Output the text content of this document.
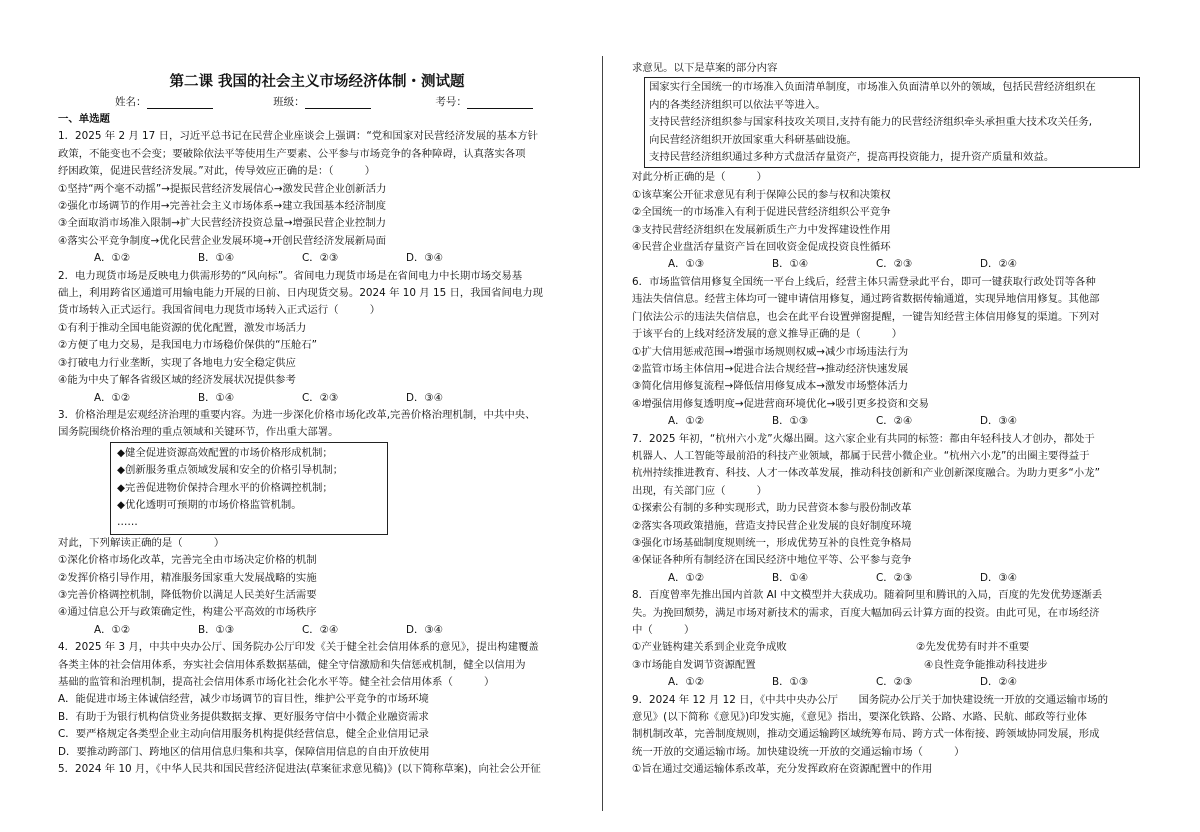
第二课 我国的社会主义市场经济体制・测试题
姓名：	班级：	考号：
一、单选题
1．2025 年 2 月 17 日，习近平总书记在民营企业座谈会上强调：“党和国家对民营经济发展的基本方针
政策，不能变也不会变；要破除依法平等使用生产要素、公平参与市场竞争的各种障碍，认真落实各项
纾困政策，促进民营经济发展。”对此，传导效应正确的是：（　　　）
①坚持“两个毫不动摇”→提振民营经济发展信心→激发民营企业创新活力
②强化市场调节的作用→完善社会主义市场体系→建立我国基本经济制度
③全面取消市场准入限制→扩大民营经济投资总量→增强民营企业控制力
④落实公平竞争制度→优化民营企业发展环境→开创民营经济发展新局面
A．①②	B．①④	C．②③	D．③④
2．电力现货市场是反映电力供需形势的“风向标”。省间电力现货市场是在省间电力中长期市场交易基
础上，利用跨省区通道可用输电能力开展的日前、日内现货交易。2024 年 10 月 15 日，我国省间电力现
货市场转入正式运行。我国省间电力现货市场转入正式运行（　　　）
①有利于推动全国电能资源的优化配置，激发市场活力
②方便了电力交易，是我国电力市场稳价保供的“压舱石”
③打破电力行业垄断，实现了各地电力安全稳定供应
④能为中央了解各省级区域的经济发展状况提供参考
A．①②	B．①④	C．②③	D．③④
3．价格治理是宏观经济治理的重要内容。为进一步深化价格市场化改革,完善价格治理机制，中共中央、
国务院围绕价格治理的重点领域和关键环节，作出重大部署。
◆健全促进资源高效配置的市场价格形成机制；
◆创新服务重点领域发展和安全的价格引导机制；
◆完善促进物价保持合理水平的价格调控机制；
◆优化透明可预期的市场价格监管机制。
……
对此，下列解读正确的是（　　　）
①深化价格市场化改革，完善完全由市场决定价格的机制
②发挥价格引导作用，精准服务国家重大发展战略的实施
③完善价格调控机制，降低物价以满足人民美好生活需要
④通过信息公开与政策确定性，构建公平高效的市场秩序
A．①②	B．①③	C．②④	D．③④
4．2025 年 3 月，中共中央办公厅、国务院办公厅印发《关于健全社会信用体系的意见》，提出构建覆盖
各类主体的社会信用体系，夯实社会信用体系数据基础，健全守信激励和失信惩戒机制，健全以信用为
基础的监管和治理机制，提高社会信用体系市场化社会化水平等。健全社会信用体系（　　　）
A．能促进市场主体诚信经营，减少市场调节的盲目性，维护公平竞争的市场环境
B．有助于为银行机构信贷业务提供数据支撑、更好服务守信中小微企业融资需求
C．要严格规定各类型企业主动向信用服务机构提供经营信息，健全企业信用记录
D．要推动跨部门、跨地区的信用信息归集和共享，保障信用信息的自由开放使用
5．2024 年 10 月，《中华人民共和国民营经济促进法(草案征求意见稿)》(以下简称草案)，向社会公开征
求意见。以下是草案的部分内容
国家实行全国统一的市场准入负面清单制度，市场准入负面清单以外的领域，包括民营经济组织在
内的各类经济组织可以依法平等进入。
支持民营经济组织参与国家科技攻关项目,支持有能力的民营经济组织牵头承担重大技术攻关任务,
向民营经济组织开放国家重大科研基础设施。
支持民营经济组织通过多种方式盘活存量资产，提高再投资能力，提升资产质量和效益。
对此分析正确的是（　　　）
①该草案公开征求意见有利于保障公民的参与权和决策权
②全国统一的市场准入有利于促进民营经济组织公平竞争
③支持民营经济组织在发展新质生产力中发挥建设性作用
④民营企业盘活存量资产旨在回收资金促成投资良性循环
A．①③	B．①④	C．②③	D．②④
6．市场监管信用修复全国统一平台上线后，经营主体只需登录此平台，即可一键获取行政处罚等各种
违法失信信息。经营主体均可一键申请信用修复，通过跨省数据传输通道，实现异地信用修复。其他部
门依法公示的违法失信信息，也会在此平台设置弹窗提醒，一键告知经营主体信用修复的渠道。下列对
于该平台的上线对经济发展的意义推导正确的是（　　　）
①扩大信用惩戒范围→增强市场规则权威→减少市场违法行为
②监管市场主体信用→促进合法合规经营→推动经济快速发展
③简化信用修复流程→降低信用修复成本→激发市场整体活力
④增强信用修复透明度→促进营商环境优化→吸引更多投资和交易
A．①②	B．①③	C．②④	D．③④
7．2025 年初，“杭州六小龙”火爆出圈。这六家企业有共同的标签：都由年轻科技人才创办，都处于
机器人、人工智能等最前沿的科技产业领域，都属于民营小微企业。“杭州六小龙”的出圈主要得益于
杭州持续推进教育、科技、人才一体改革发展，推动科技创新和产业创新深度融合。为助力更多“小龙”
出现，有关部门应（　　　）
①探索公有制的多种实现形式，助力民营资本参与股份制改革
②落实各项政策措施，营造支持民营企业发展的良好制度环境
③强化市场基础制度规则统一，形成优势互补的良性竞争格局
④保证各种所有制经济在国民经济中地位平等、公平参与竞争
A．①②	B．①④	C．②③	D．③④
8．百度曾率先推出国内首款 AI 中文模型并大获成功。随着阿里和腾讯的入局，百度的先发优势逐渐丢
失。为挽回颓势，满足市场对新技术的需求，百度大幅加码云计算方面的投资。由此可见，在市场经济
中（　　　）
①产业链构建关系到企业竞争成败	②先发优势有时并不重要
③市场能自发调节资源配置	④良性竞争能推动科技进步
A．①②	B．①③	C．②③	D．②④
9．2024 年 12 月 12 日，《中共中央办公厅　　国务院办公厅关于加快建设统一开放的交通运输市场的
意见》(以下简称《意见》)印发实施，《意见》指出，要深化铁路、公路、水路、民航、邮政等行业体
制机制改革，完善制度规则，推动交通运输跨区域统筹布局、跨方式一体衔接、跨领域协同发展，形成
统一开放的交通运输市场。加快建设统一开放的交通运输市场（　　　）
①旨在通过交通运输体系改革，充分发挥政府在资源配置中的作用
